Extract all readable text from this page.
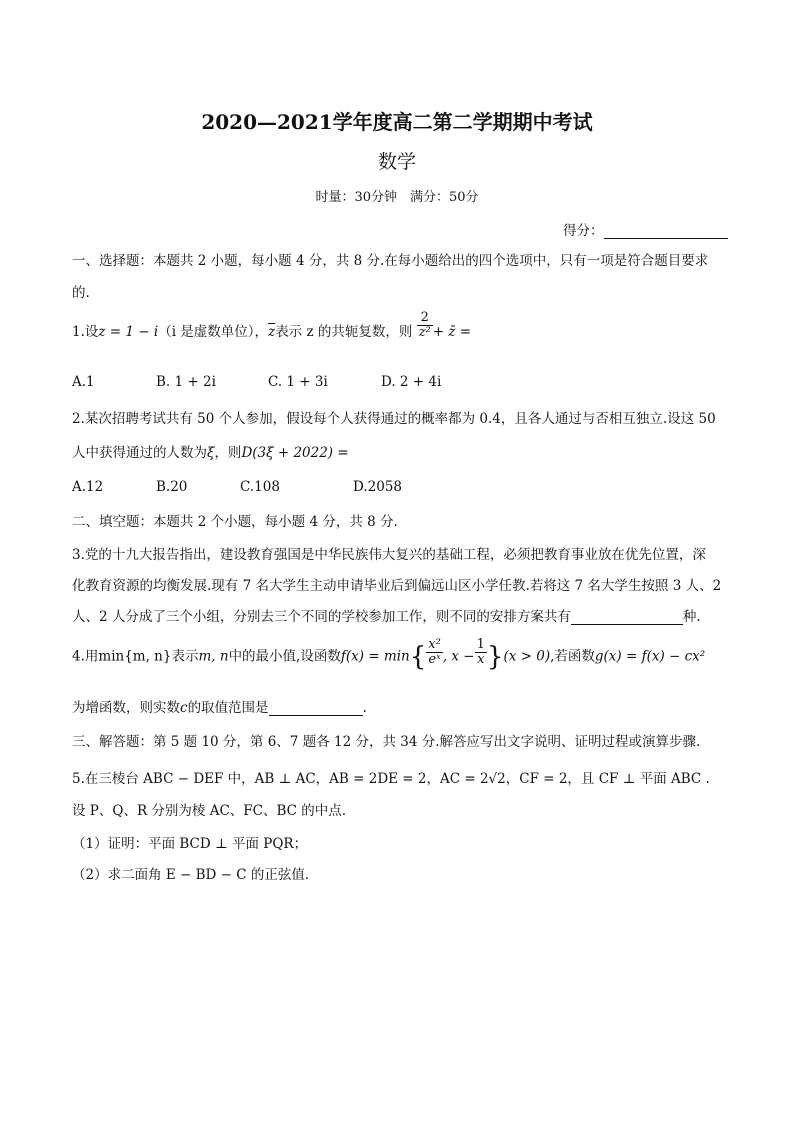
2020—2021学年度高二第二学期期中考试
数学
时量：30分钟　满分：50分
得分：
一、选择题：本题共 2 小题，每小题 4 分，共 8 分.在每小题给出的四个选项中，只有一项是符合题目要求
的.
1.设z = 1 − i（i 是虚数单位），$\overline{z}$表示 z 的共轭复数，则 $\frac{2}{\text{z²}}$ + z̄ =
A.1	B. 1 + 2i	C. 1 + 3i	D. 2 + 4i
2.某次招聘考试共有 50 个人参加，假设每个人获得通过的概率都为 0.4，且各人通过与否相互独立.设这 50
人中获得通过的人数为ξ，则D(3ξ + 2022) =
A.12	B.20	C.108	D.2058
二、填空题：本题共 2 个小题，每小题 4 分，共 8 分.
3.党的十九大报告指出，建设教育强国是中华民族伟大复兴的基础工程，必须把教育事业放在优先位置，深
化教育资源的均衡发展.现有 7 名大学生主动申请毕业后到偏远山区小学任教.若将这 7 名大学生按照 3 人、2
人、2 人分成了三个小组，分别去三个不同的学校参加工作，则不同的安排方案共有	种.
4.用min{m, n}表示m, n中的最小值,设函数$f(x) = \min\{ \frac{\text{x²}}{\text{eˣ}}$ , $x - \frac{1}{x} \}(x > 0)$,若函数g(x) = f(x) − cx²
为增函数，则实数c的取值范围是	.
三、解答题：第 5 题 10 分，第 6、7 题各 12 分，共 34 分.解答应写出文字说明、证明过程或演算步骤.
5.在三棱台 ABC − DEF 中，AB ⊥ AC，AB = 2DE = 2，AC = 2√2，CF = 2，且 CF ⊥ 平面 ABC .
设 P、Q、R 分别为棱 AC、FC、BC 的中点.
（1）证明：平面 BCD ⊥ 平面 PQR；
（2）求二面角 E − BD − C 的正弦值.
